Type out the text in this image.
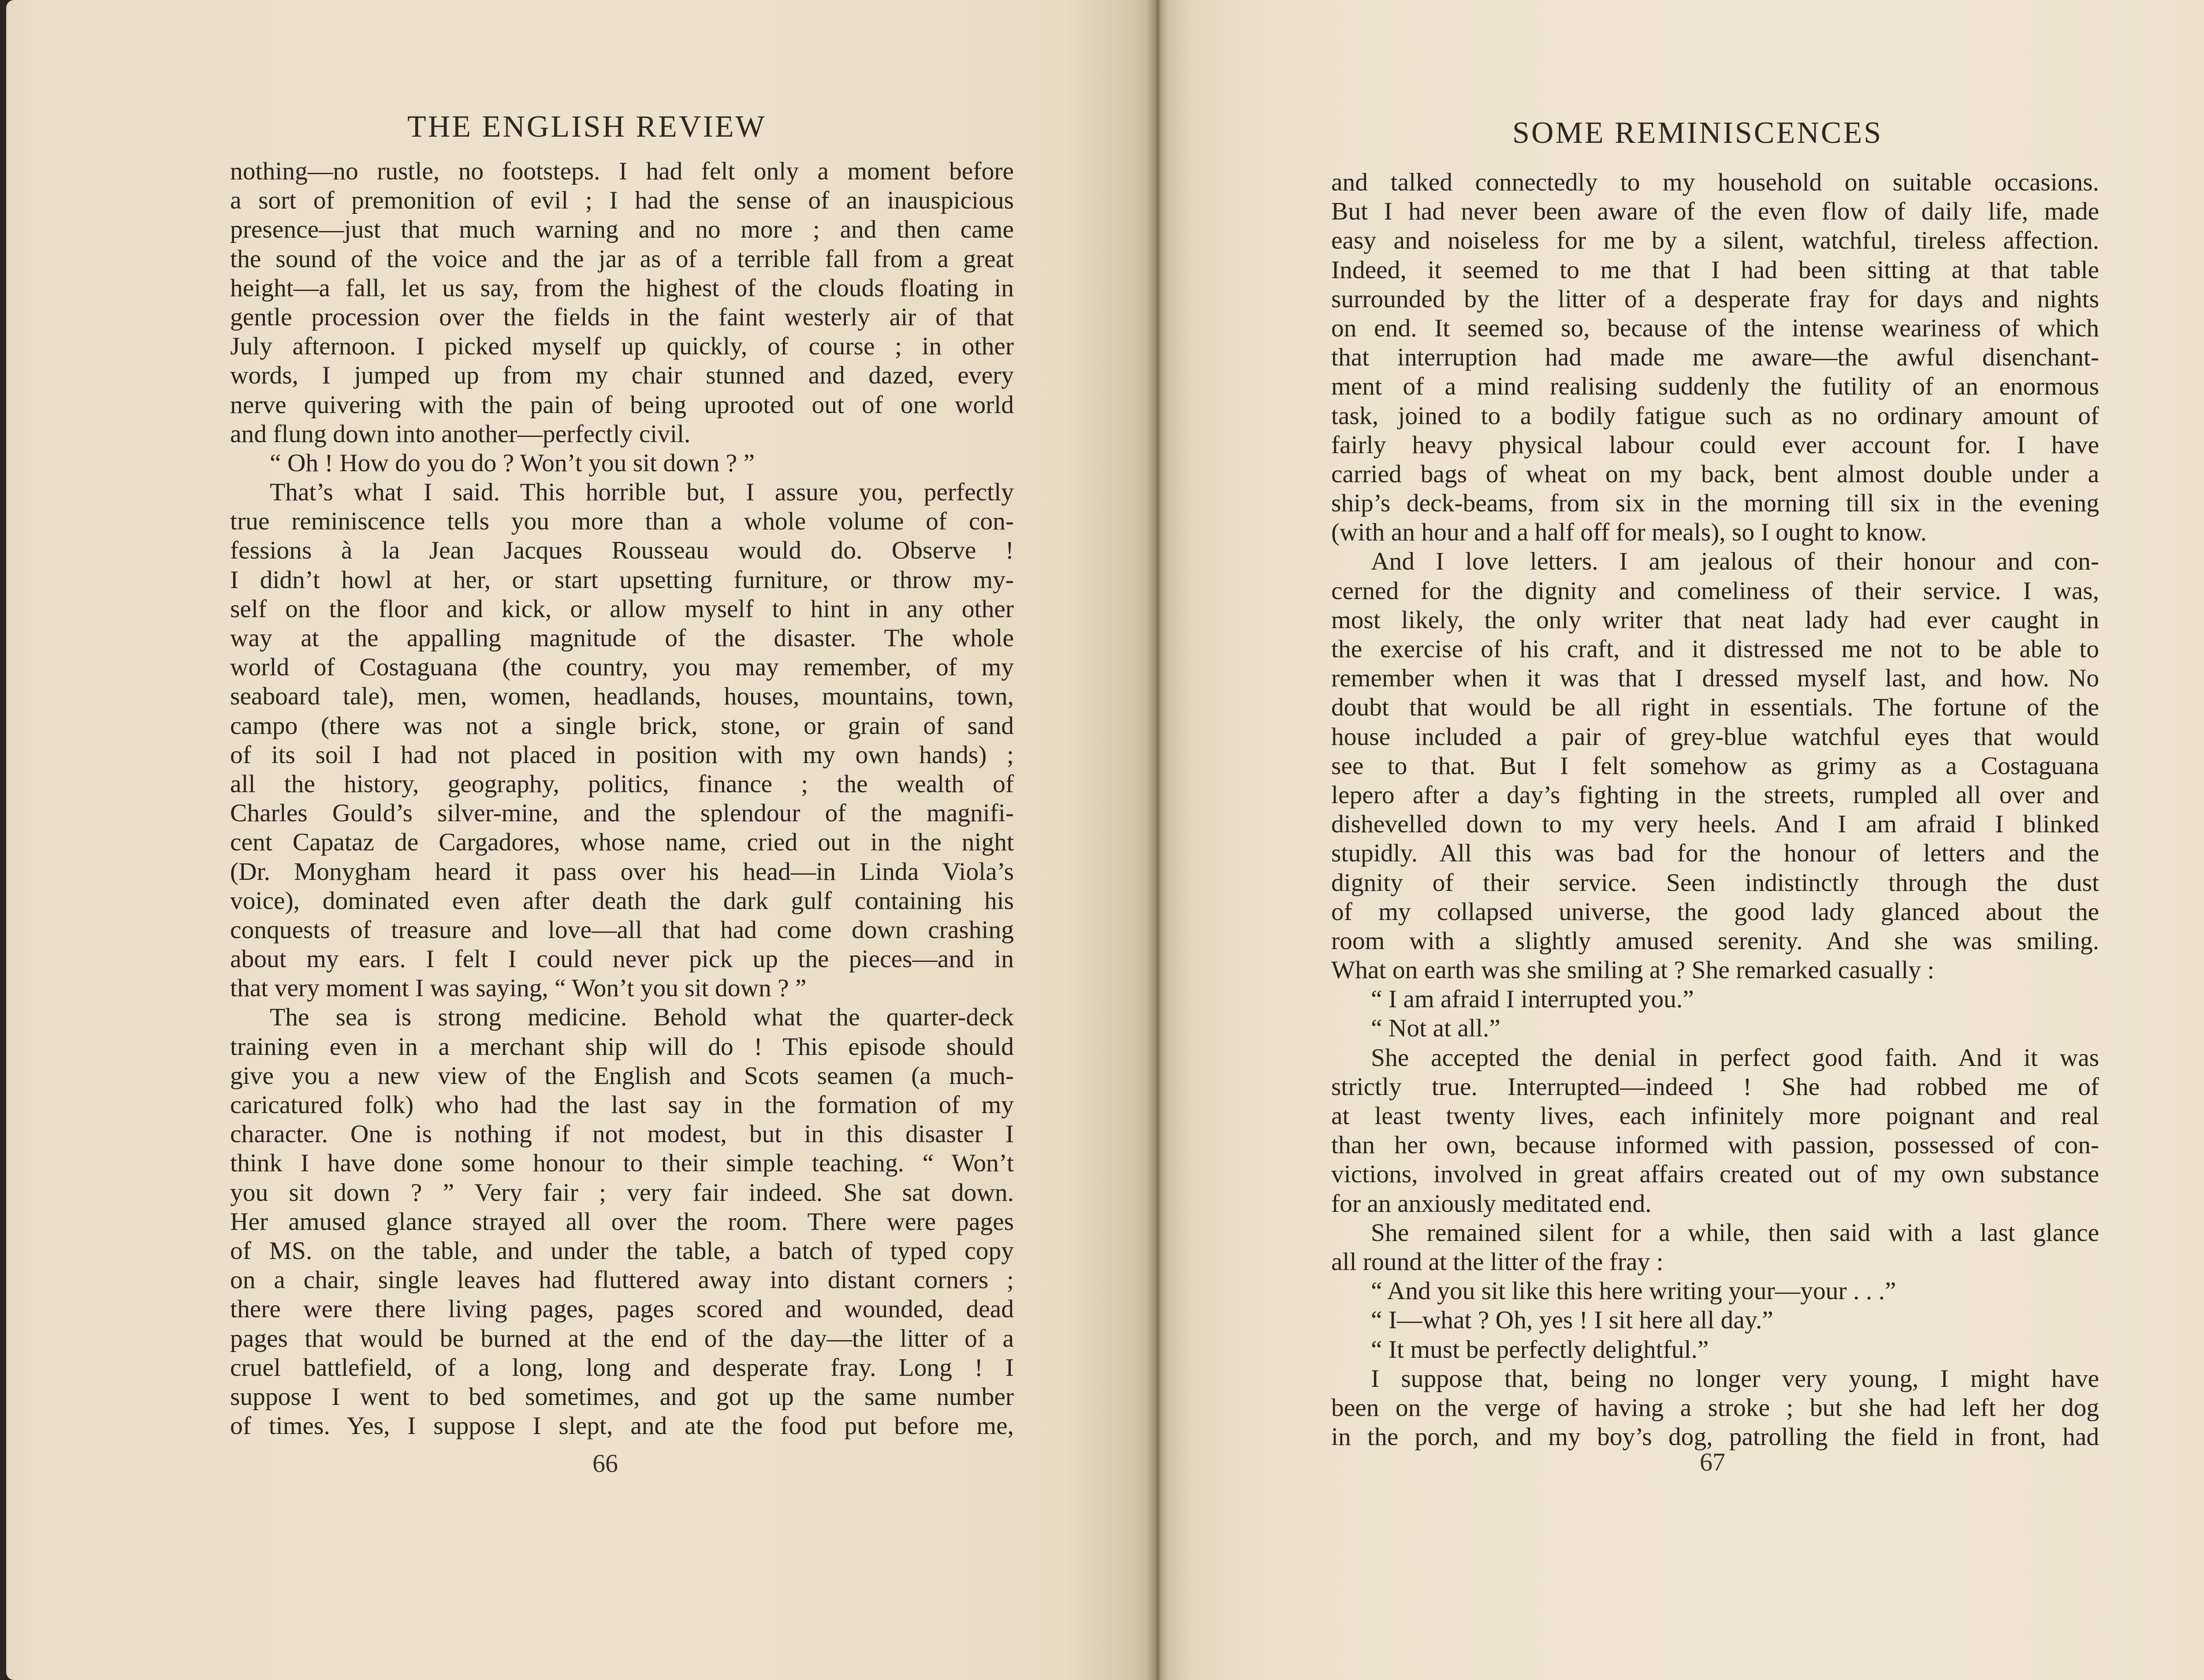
THE ENGLISH REVIEW
nothing—no rustle, no footsteps. I had felt only a moment before
a sort of premonition of evil ; I had the sense of an inauspicious
presence—just that much warning and no more ; and then came
the sound of the voice and the jar as of a terrible fall from a great
height—a fall, let us say, from the highest of the clouds floating in
gentle procession over the fields in the faint westerly air of that
July afternoon. I picked myself up quickly, of course ; in other
words, I jumped up from my chair stunned and dazed, every
nerve quivering with the pain of being uprooted out of one world
and flung down into another—perfectly civil.
“ Oh ! How do you do ? Won’t you sit down ? ”
That’s what I said. This horrible but, I assure you, perfectly
true reminiscence tells you more than a whole volume of con-
fessions à la Jean Jacques Rousseau would do. Observe !
I didn’t howl at her, or start upsetting furniture, or throw my-
self on the floor and kick, or allow myself to hint in any other
way at the appalling magnitude of the disaster. The whole
world of Costaguana (the country, you may remember, of my
seaboard tale), men, women, headlands, houses, mountains, town,
campo (there was not a single brick, stone, or grain of sand
of its soil I had not placed in position with my own hands) ;
all the history, geography, politics, finance ; the wealth of
Charles Gould’s silver-mine, and the splendour of the magnifi-
cent Capataz de Cargadores, whose name, cried out in the night
(Dr. Monygham heard it pass over his head—in Linda Viola’s
voice), dominated even after death the dark gulf containing his
conquests of treasure and love—all that had come down crashing
about my ears. I felt I could never pick up the pieces—and in
that very moment I was saying, “ Won’t you sit down ? ”
The sea is strong medicine. Behold what the quarter-deck
training even in a merchant ship will do ! This episode should
give you a new view of the English and Scots seamen (a much-
caricatured folk) who had the last say in the formation of my
character. One is nothing if not modest, but in this disaster I
think I have done some honour to their simple teaching. “ Won’t
you sit down ? ” Very fair ; very fair indeed. She sat down.
Her amused glance strayed all over the room. There were pages
of MS. on the table, and under the table, a batch of typed copy
on a chair, single leaves had fluttered away into distant corners ;
there were there living pages, pages scored and wounded, dead
pages that would be burned at the end of the day—the litter of a
cruel battlefield, of a long, long and desperate fray. Long ! I
suppose I went to bed sometimes, and got up the same number
of times. Yes, I suppose I slept, and ate the food put before me,
66
SOME REMINISCENCES
and talked connectedly to my household on suitable occasions.
But I had never been aware of the even flow of daily life, made
easy and noiseless for me by a silent, watchful, tireless affection.
Indeed, it seemed to me that I had been sitting at that table
surrounded by the litter of a desperate fray for days and nights
on end. It seemed so, because of the intense weariness of which
that interruption had made me aware—the awful disenchant-
ment of a mind realising suddenly the futility of an enormous
task, joined to a bodily fatigue such as no ordinary amount of
fairly heavy physical labour could ever account for. I have
carried bags of wheat on my back, bent almost double under a
ship’s deck-beams, from six in the morning till six in the evening
(with an hour and a half off for meals), so I ought to know.
And I love letters. I am jealous of their honour and con-
cerned for the dignity and comeliness of their service. I was,
most likely, the only writer that neat lady had ever caught in
the exercise of his craft, and it distressed me not to be able to
remember when it was that I dressed myself last, and how. No
doubt that would be all right in essentials. The fortune of the
house included a pair of grey-blue watchful eyes that would
see to that. But I felt somehow as grimy as a Costaguana
lepero after a day’s fighting in the streets, rumpled all over and
dishevelled down to my very heels. And I am afraid I blinked
stupidly. All this was bad for the honour of letters and the
dignity of their service. Seen indistinctly through the dust
of my collapsed universe, the good lady glanced about the
room with a slightly amused serenity. And she was smiling.
What on earth was she smiling at ? She remarked casually :
“ I am afraid I interrupted you.”
“ Not at all.”
She accepted the denial in perfect good faith. And it was
strictly true. Interrupted—indeed ! She had robbed me of
at least twenty lives, each infinitely more poignant and real
than her own, because informed with passion, possessed of con-
victions, involved in great affairs created out of my own substance
for an anxiously meditated end.
She remained silent for a while, then said with a last glance
all round at the litter of the fray :
“ And you sit like this here writing your—your . . .”
“ I—what ? Oh, yes ! I sit here all day.”
“ It must be perfectly delightful.”
I suppose that, being no longer very young, I might have
been on the verge of having a stroke ; but she had left her dog
in the porch, and my boy’s dog, patrolling the field in front, had
67
